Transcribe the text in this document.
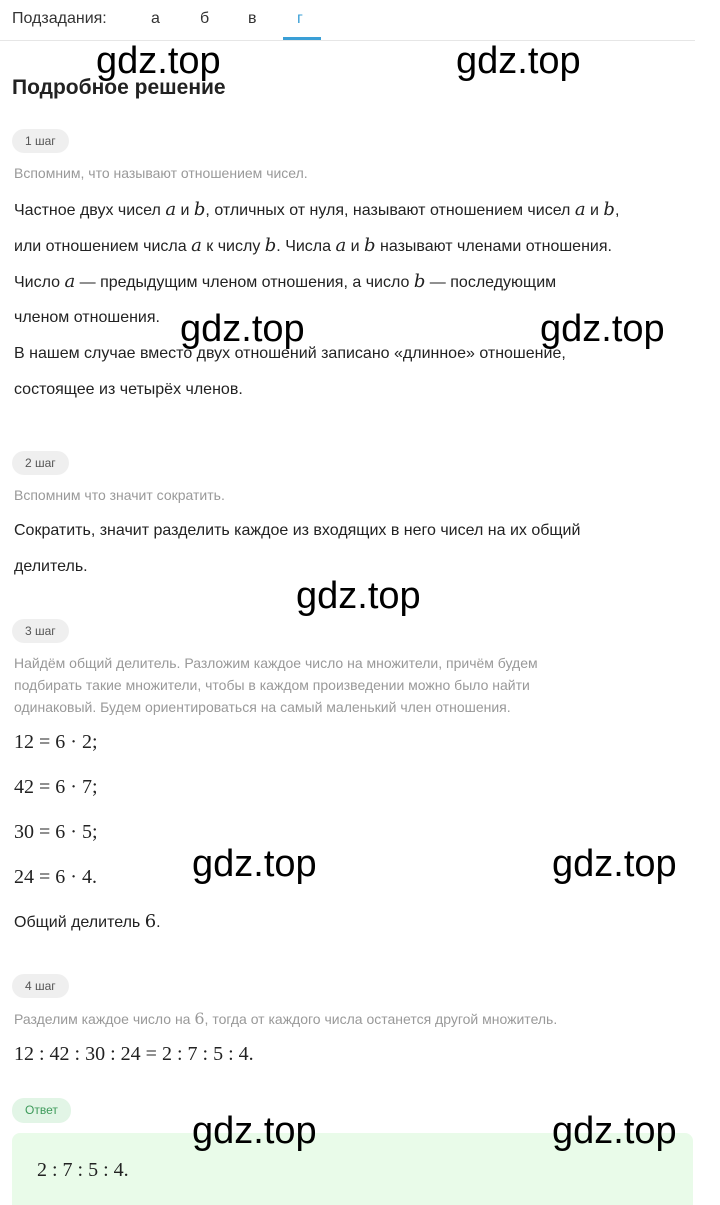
Подзадания:	а	б в	г
Подробное решение
1 шаг
Вспомним, что называют отношением чисел.
Частное двух чисел a и b, отличных от нуля, называют отношением чисел a и b,
или отношением числа a к числу b. Числа a и b называют членами отношения.
Число a — предыдущим членом отношения, а число b — последующим
членом отношения.
В нашем случае вместо двух отношений записано «длинное» отношение,
состоящее из четырёх членов.
2 шаг
Вспомним что значит сократить.
Сократить, значит разделить каждое из входящих в него чисел на их общий
делитель.
3 шаг
Найдём общий делитель. Разложим каждое число на множители, причём будем
подбирать такие множители, чтобы в каждом произведении можно было найти
одинаковый. Будем ориентироваться на самый маленький член отношения.
12 = 6 · 2;
42 = 6 · 7;
30 = 6 · 5;
24 = 6 · 4.
Общий делитель 6.
4 шаг
Разделим каждое число на 6, тогда от каждого числа останется другой множитель.
12 : 42 : 30 : 24 = 2 : 7 : 5 : 4.
Ответ
2 : 7 : 5 : 4.
gdz.top	gdz.top
gdz.top	gdz.top
gdz.top
gdz.top	gdz.top
gdz.top	gdz.top
